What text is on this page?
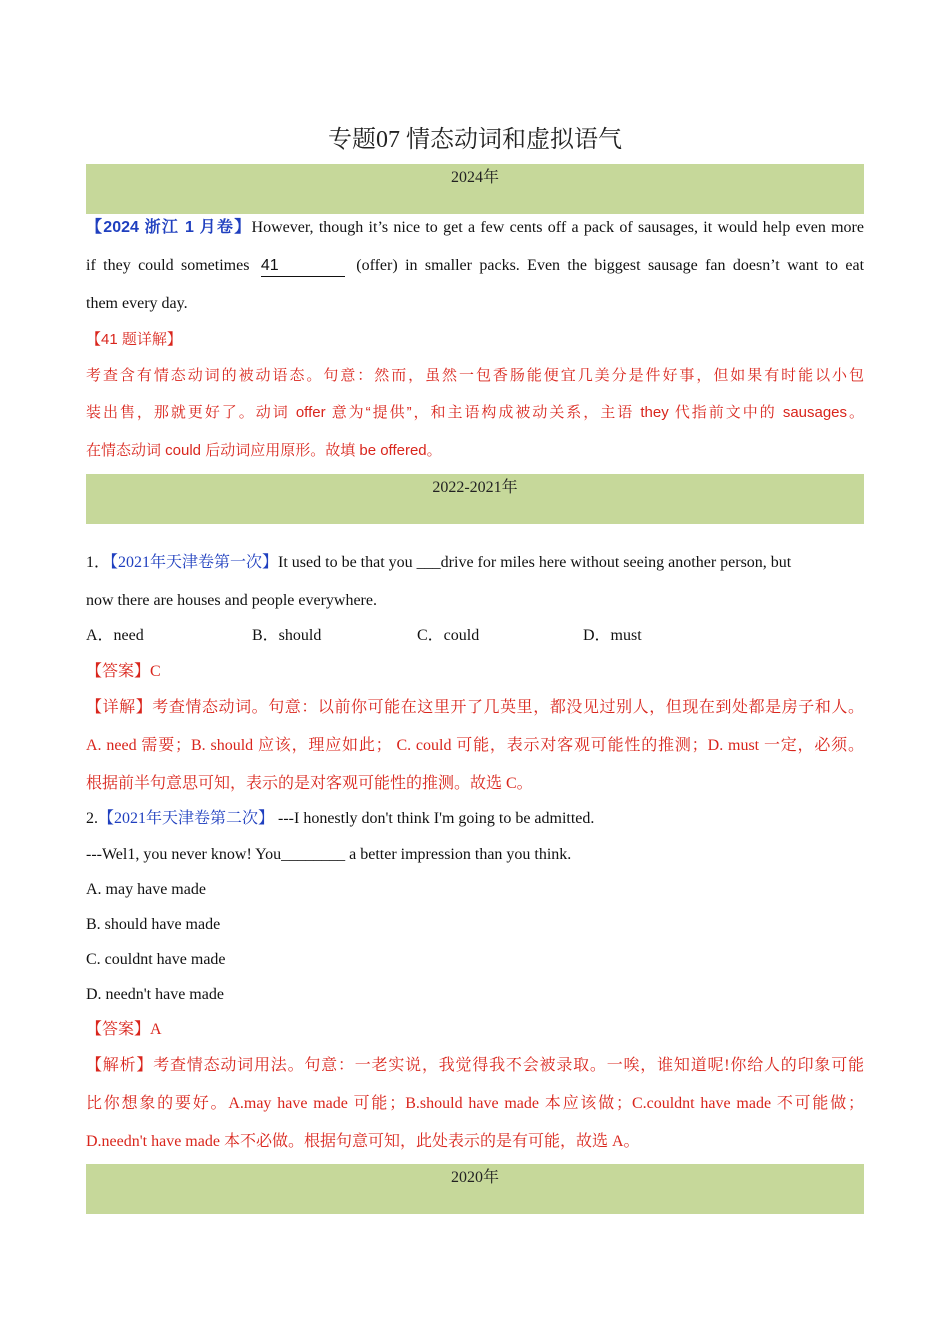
专题07 情态动词和虚拟语气
2024年
【2024 浙江 1 月卷】However, though it’s nice to get a few cents off a pack of sausages, it would help even more
if they could sometimes 41	(offer) in smaller packs. Even the biggest sausage fan doesn’t want to eat
them every day.
【41 题详解】
考查含有情态动词的被动语态。句意：然而，虽然一包香肠能便宜几美分是件好事，但如果有时能以小包
装出售，那就更好了。动词 offer 意为“提供”，和主语构成被动关系，主语 they 代指前文中的 sausages。
在情态动词 could 后动词应用原形。故填 be offered。
2022-2021年
1．【2021年天津卷第一次】It used to be that you ___drive for miles here without seeing another person, but
now there are houses and people everywhere.
A．need	B．should	C．could	D．must
【答案】C
【详解】考查情态动词。句意：以前你可能在这里开了几英里，都没见过别人，但现在到处都是房子和人。
A. need 需要；B. should 应该，理应如此； C. could 可能，表示对客观可能性的推测；D. must 一定，必须。
根据前半句意思可知，表示的是对客观可能性的推测。故选 C。
2.【2021年天津卷第二次】 ---I honestly don't think I'm going to be admitted.
---Wel1, you never know! You________ a better impression than you think.
A. may have made
B. should have made
C. couldnt have made
D. needn't have made
【答案】A
【解析】考查情态动词用法。句意：一老实说，我觉得我不会被录取。一唉，谁知道呢!你给人的印象可能
比你想象的要好。A.may have made 可能；B.should have made 本应该做；C.couldnt have made 不可能做；
D.needn't have made 本不必做。根据句意可知，此处表示的是有可能，故选 A。
2020年
